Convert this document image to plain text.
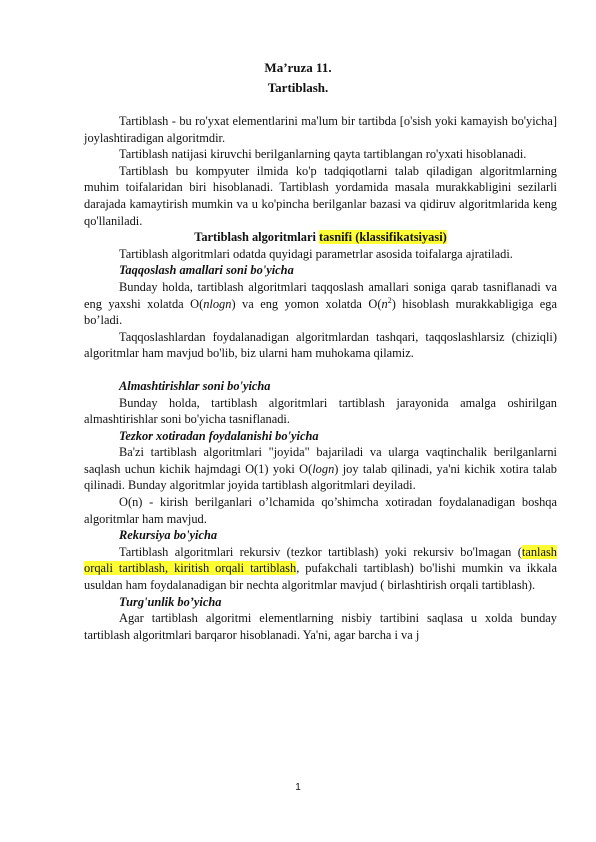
Ma’ruza 11.
Tartiblash.

Tartiblash - bu ro'yxat elementlarini ma'lum bir tartibda [o'sish yoki kamayish bo'yicha] joylashtiradigan algoritmdir.

Tartiblash natijasi kiruvchi berilganlarning qayta tartiblangan ro'yxati hisoblanadi.

Tartiblash bu kompyuter ilmida ko'p tadqiqotlarni talab qiladigan algoritmlarning muhim toifalaridan biri hisoblanadi. Tartiblash yordamida masala murakkabligini sezilarli darajada kamaytirish mumkin va u ko'pincha berilganlar bazasi va qidiruv algoritmlarida keng qo'llaniladi.

Tartiblash algoritmlari tasnifi (klassifikatsiyasi)

Tartiblash algoritmlari odatda quyidagi parametrlar asosida toifalarga ajratiladi.

Taqqoslash amallari soni bo'yicha

Bunday holda, tartiblash algoritmlari taqqoslash amallari soniga qarab tasniflanadi va eng yaxshi xolatda O(nlogn) va eng yomon xolatda $O(n^2)$ hisoblash murakkabligiga ega bo’ladi.

Taqqoslashlardan foydalanadigan algoritmlardan tashqari, taqqoslashlarsiz (chiziqli) algoritmlar ham mavjud bo'lib, biz ularni ham muhokama qilamiz.

Almashtirishlar soni bo'yicha

Bunday holda, tartiblash algoritmlari tartiblash jarayonida amalga oshirilgan almashtirishlar soni bo'yicha tasniflanadi.

Tezkor xotiradan foydalanishi bo'yicha

Ba'zi tartiblash algoritmlari "joyida" bajariladi va ularga vaqtinchalik berilganlarni saqlash uchun kichik hajmdagi O(1) yoki O(logn) joy talab qilinadi, ya'ni kichik xotira talab qilinadi. Bunday algoritmlar joyida tartiblash algoritmlari deyiladi.

O(n) - kirish berilganlari o’lchamida qo’shimcha xotiradan foydalanadigan boshqa algoritmlar ham mavjud.

Rekursiya bo'yicha

Tartiblash algoritmlari rekursiv (tezkor tartiblash) yoki rekursiv bo'lmagan (tanlash orqali tartiblash, kiritish orqali tartiblash, pufakchali tartiblash) bo'lishi mumkin va ikkala usuldan ham foydalanadigan bir nechta algoritmlar mavjud ( birlashtirish orqali tartiblash).

Turg'unlik bo’yicha

Agar tartiblash algoritmi elementlarning nisbiy tartibini saqlasa u xolda bunday tartiblash algoritmlari barqaror hisoblanadi. Ya'ni, agar barcha i va j

1
